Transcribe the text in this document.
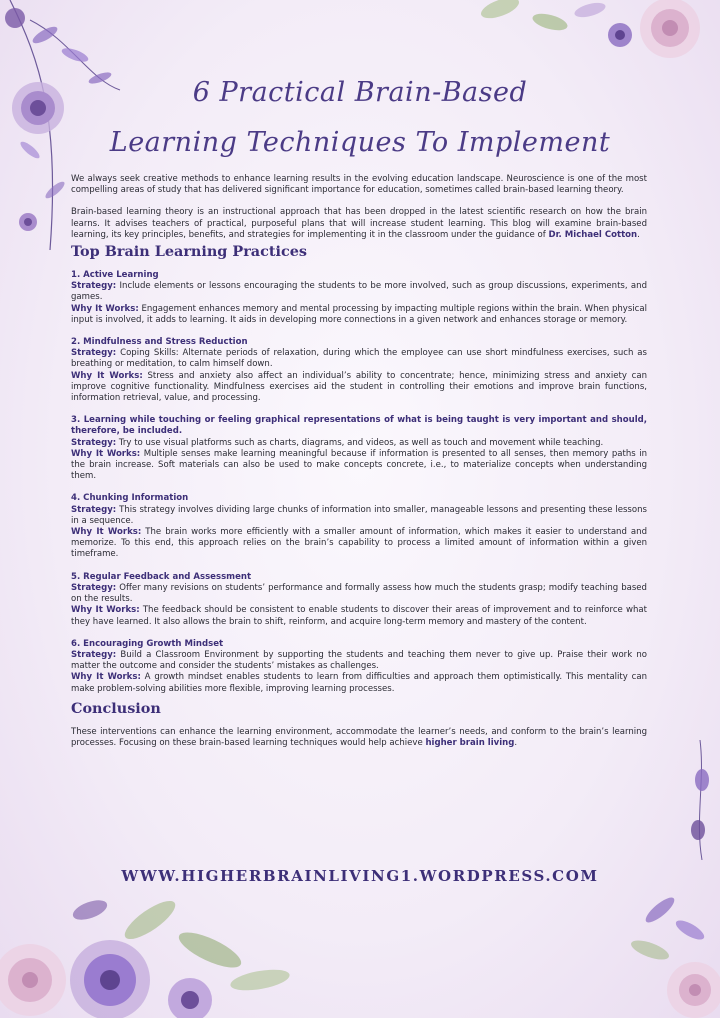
6 Practical Brain-Based
Learning Techniques To Implement

We always seek creative methods to enhance learning results in the evolving education landscape. Neuroscience is one of the most compelling areas of study that has delivered significant importance for education, sometimes called brain-based learning theory.

Brain-based learning theory is an instructional approach that has been dropped in the latest scientific research on how the brain learns. It advises teachers of practical, purposeful plans that will increase student learning. This blog will examine brain-based learning, its key principles, benefits, and strategies for implementing it in the classroom under the guidance of Dr. Michael Cotton.

Top Brain Learning Practices

1. Active Learning

Strategy: Include elements or lessons encouraging the students to be more involved, such as group discussions, experiments, and games.

Why It Works: Engagement enhances memory and mental processing by impacting multiple regions within the brain. When physical input is involved, it adds to learning. It aids in developing more connections in a given network and enhances storage or memory.

2. Mindfulness and Stress Reduction

Strategy: Coping Skills: Alternate periods of relaxation, during which the employee can use short mindfulness exercises, such as breathing or meditation, to calm himself down.

Why It Works: Stress and anxiety also affect an individual’s ability to concentrate; hence, minimizing stress and anxiety can improve cognitive functionality. Mindfulness exercises aid the student in controlling their emotions and improve brain functions, information retrieval, value, and processing.

3. Learning while touching or feeling graphical representations of what is being taught is very important and should, therefore, be included.

Strategy: Try to use visual platforms such as charts, diagrams, and videos, as well as touch and movement while teaching.

Why It Works: Multiple senses make learning meaningful because if information is presented to all senses, then memory paths in the brain increase. Soft materials can also be used to make concepts concrete, i.e., to materialize concepts when understanding them.

4. Chunking Information

Strategy: This strategy involves dividing large chunks of information into smaller, manageable lessons and presenting these lessons in a sequence.

Why It Works: The brain works more efficiently with a smaller amount of information, which makes it easier to understand and memorize. To this end, this approach relies on the brain’s capability to process a limited amount of information within a given timeframe.

5. Regular Feedback and Assessment

Strategy: Offer many revisions on students’ performance and formally assess how much the students grasp; modify teaching based on the results.

Why It Works: The feedback should be consistent to enable students to discover their areas of improvement and to reinforce what they have learned. It also allows the brain to shift, reinform, and acquire long-term memory and mastery of the content.

6. Encouraging Growth Mindset

Strategy: Build a Classroom Environment by supporting the students and teaching them never to give up. Praise their work no matter the outcome and consider the students’ mistakes as challenges.

Why It Works: A growth mindset enables students to learn from difficulties and approach them optimistically. This mentality can make problem-solving abilities more flexible, improving learning processes.

Conclusion

These interventions can enhance the learning environment, accommodate the learner’s needs, and conform to the brain’s learning processes. Focusing on these brain-based learning techniques would help achieve higher brain living.

WWW.HIGHERBRAINLIVING1.WORDPRESS.COM
